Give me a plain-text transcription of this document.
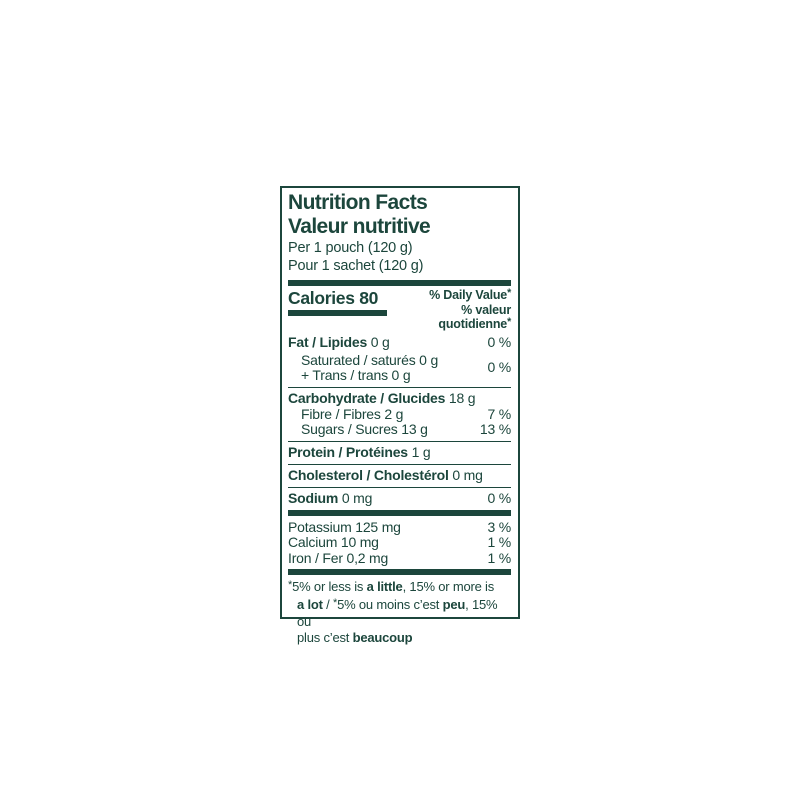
Nutrition Facts
Valeur nutritive
Per 1 pouch (120 g)
Pour 1 sachet (120 g)
Calories 80	% Daily Value*
% valeur quotidienne*
Fat / Lipides 0 g	0 %
Saturated / saturés 0 g
+ Trans / trans 0 g	0 %
Carbohydrate / Glucides 18 g
Fibre / Fibres 2 g	7 %
Sugars / Sucres 13 g	13 %
Protein / Protéines 1 g
Cholesterol / Cholestérol 0 mg
Sodium 0 mg	0 %
Potassium 125 mg	3 %
Calcium 10 mg	1 %
Iron / Fer 0,2 mg	1 %
*5% or less is a little, 15% or more is
a lot / *5% ou moins c’est peu, 15% ou
plus c’est beaucoup
